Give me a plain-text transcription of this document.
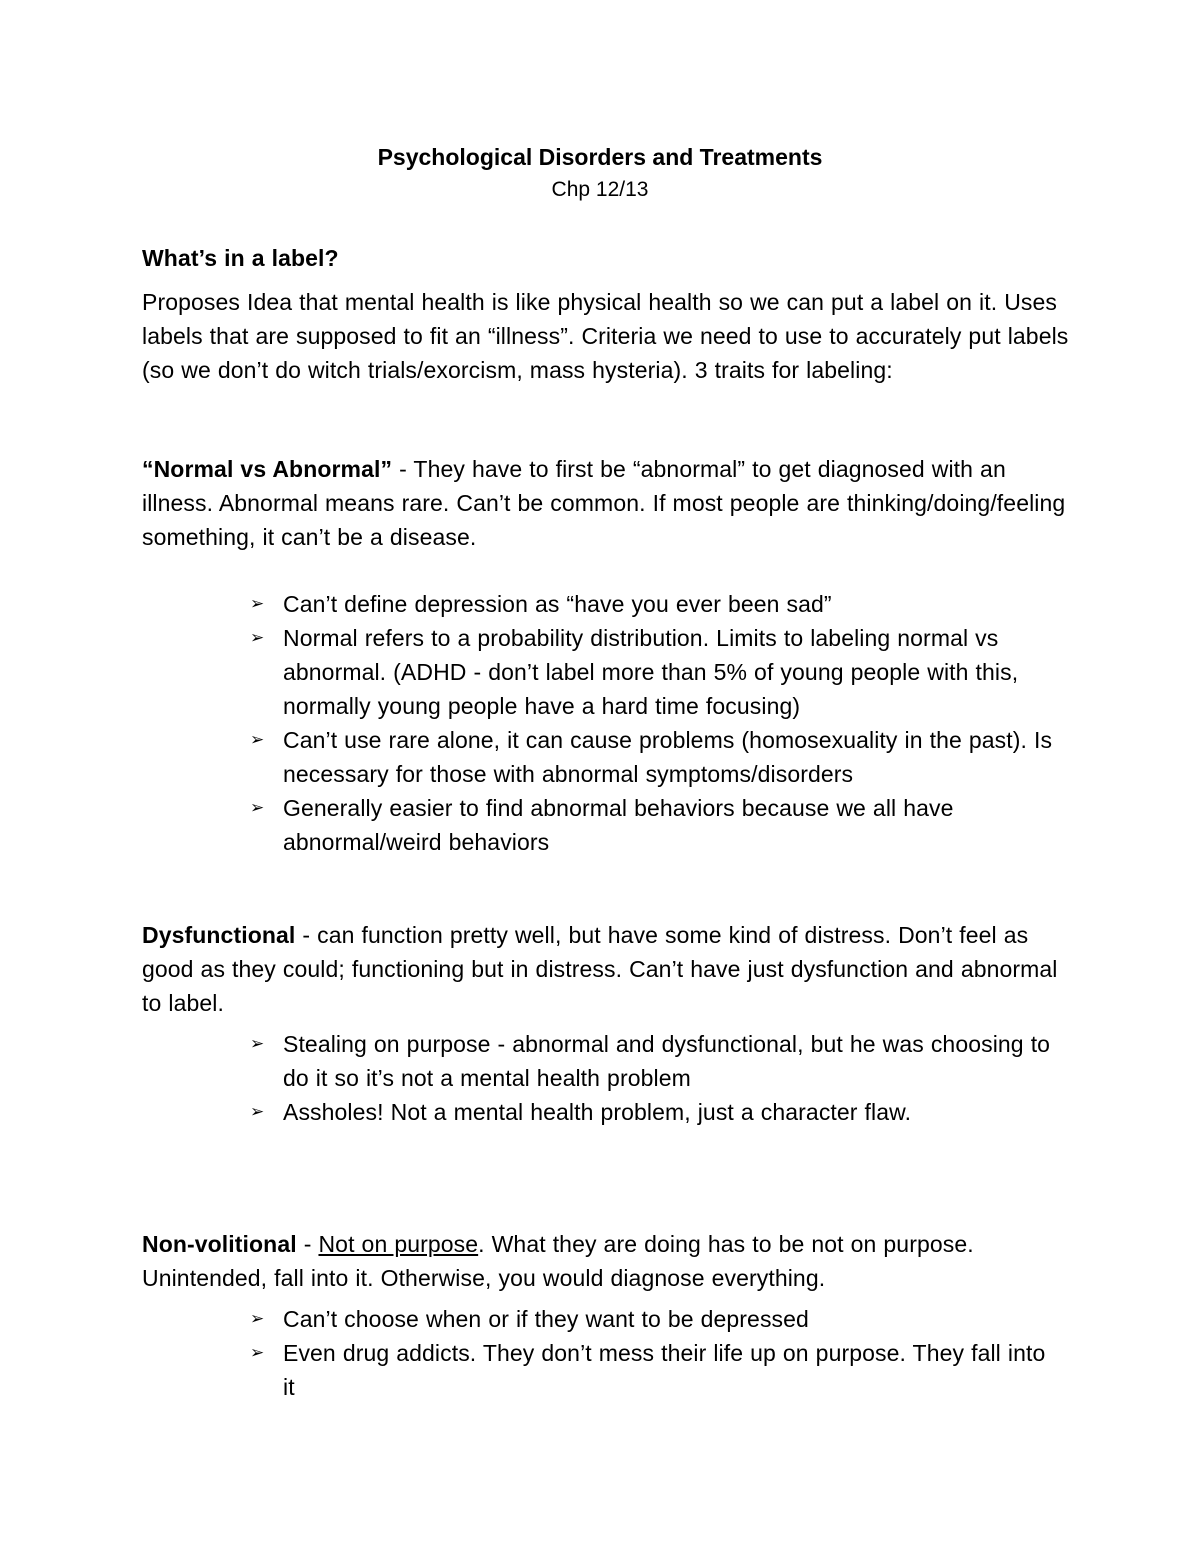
Psychological Disorders and Treatments
Chp 12/13
What’s in a label?
Proposes Idea that mental health is like physical health so we can put a label on it. Uses labels that are supposed to fit an “illness”. Criteria we need to use to accurately put labels (so we don’t do witch trials/exorcism, mass hysteria). 3 traits for labeling:
“Normal vs Abnormal” - They have to first be “abnormal” to get diagnosed with an illness. Abnormal means rare. Can’t be common. If most people are thinking/doing/feeling something, it can’t be a disease.
➢ Can’t define depression as “have you ever been sad”
➢ Normal refers to a probability distribution. Limits to labeling normal vs abnormal. (ADHD - don’t label more than 5% of young people with this, normally young people have a hard time focusing)
➢ Can’t use rare alone, it can cause problems (homosexuality in the past). Is necessary for those with abnormal symptoms/disorders
➢ Generally easier to find abnormal behaviors because we all have abnormal/weird behaviors
Dysfunctional - can function pretty well, but have some kind of distress. Don’t feel as good as they could; functioning but in distress. Can’t have just dysfunction and abnormal to label.
➢ Stealing on purpose - abnormal and dysfunctional, but he was choosing to do it so it’s not a mental health problem
➢ Assholes! Not a mental health problem, just a character flaw.
Non-volitional - Not on purpose. What they are doing has to be not on purpose. Unintended, fall into it. Otherwise, you would diagnose everything.
➢ Can’t choose when or if they want to be depressed
➢ Even drug addicts. They don’t mess their life up on purpose. They fall into it
